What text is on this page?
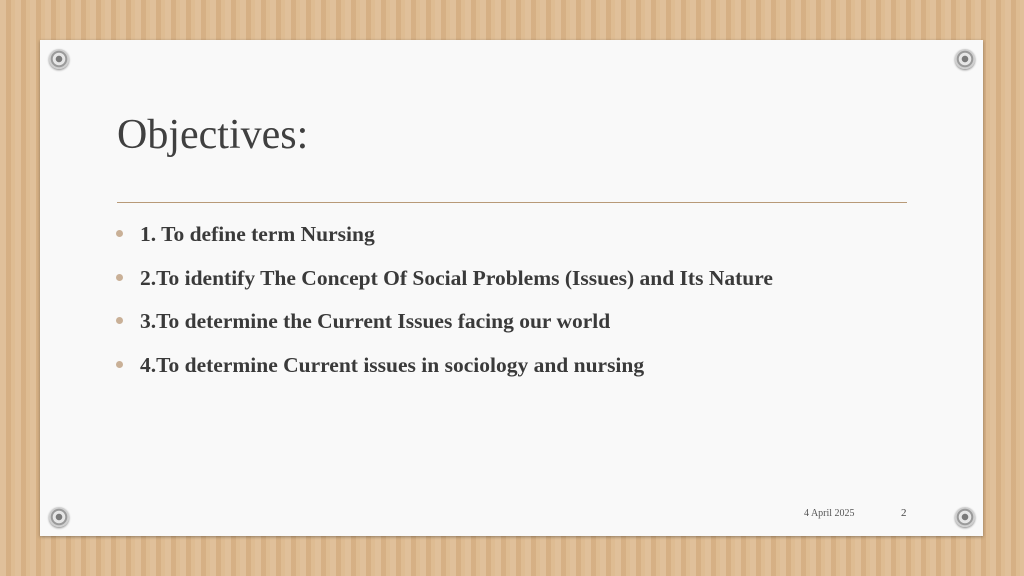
Objectives:
1. To define term Nursing
2.To identify The Concept Of Social Problems (Issues) and Its Nature
3.To determine the Current Issues facing our world
4.To determine Current issues in sociology and nursing
4 April 2025	2
